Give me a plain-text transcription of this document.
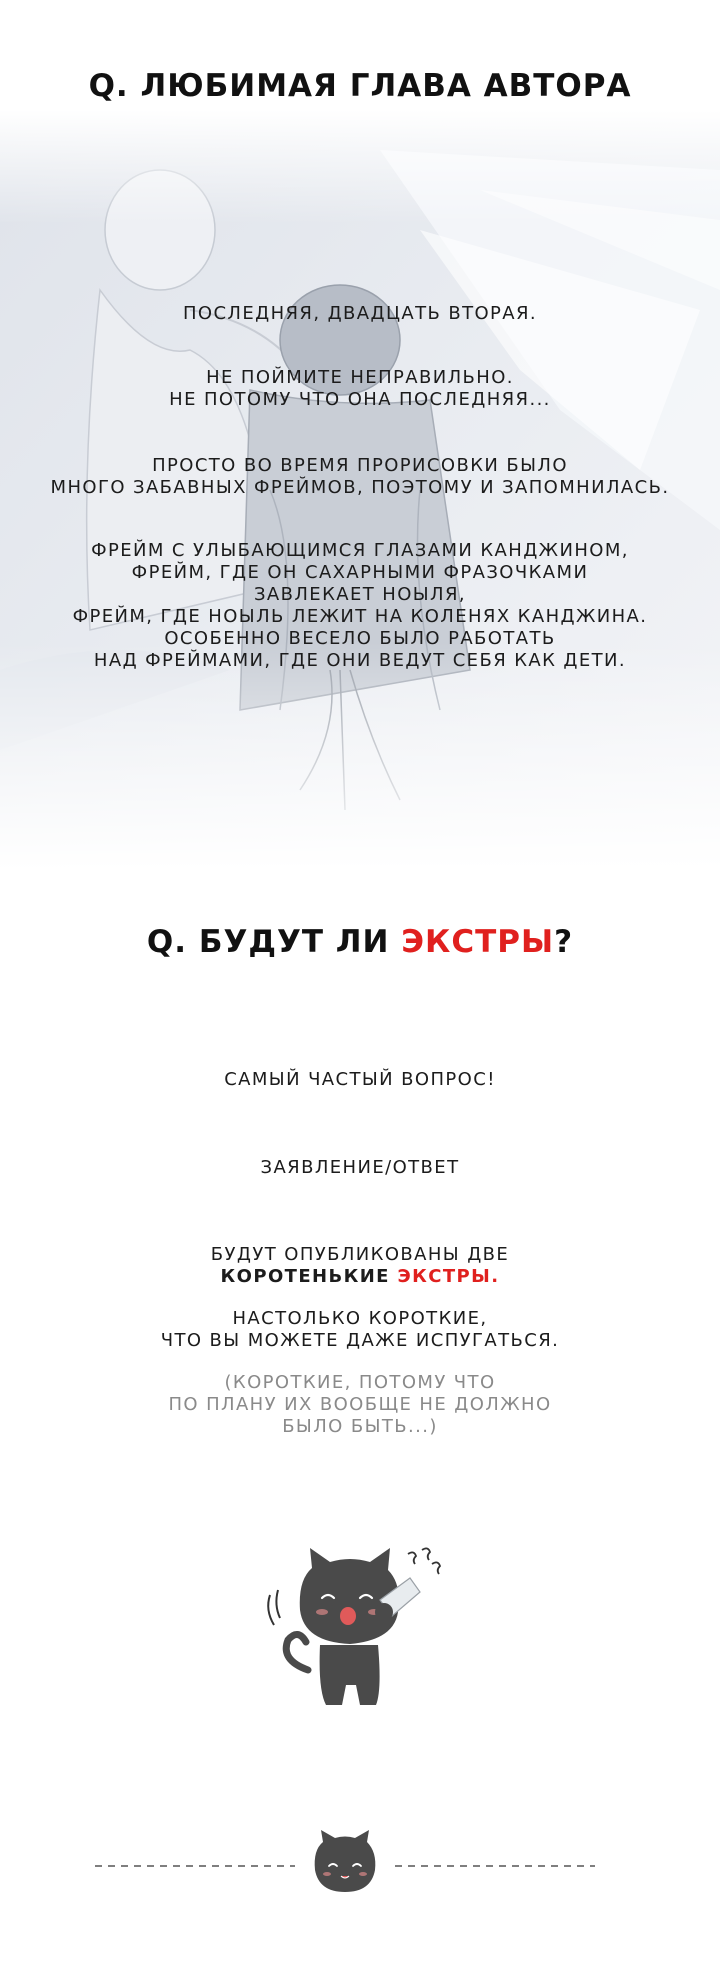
Q. ЛЮБИМАЯ ГЛАВА АВТОРА
ПОСЛЕДНЯЯ, ДВАДЦАТЬ ВТОРАЯ.
НЕ ПОЙМИТЕ НЕПРАВИЛЬНО.
НЕ ПОТОМУ ЧТО ОНА ПОСЛЕДНЯЯ...
ПРОСТО ВО ВРЕМЯ ПРОРИСОВКИ БЫЛО
МНОГО ЗАБАВНЫХ ФРЕЙМОВ, ПОЭТОМУ И ЗАПОМНИЛАСЬ.
ФРЕЙМ С УЛЫБАЮЩИМСЯ ГЛАЗАМИ КАНДЖИНОМ,
ФРЕЙМ, ГДЕ ОН САХАРНЫМИ ФРАЗОЧКАМИ
ЗАВЛЕКАЕТ НОЫЛЯ,
ФРЕЙМ, ГДЕ НОЫЛЬ ЛЕЖИТ НА КОЛЕНЯХ КАНДЖИНА.
ОСОБЕННО ВЕСЕЛО БЫЛО РАБОТАТЬ
НАД ФРЕЙМАМИ, ГДЕ ОНИ ВЕДУТ СЕБЯ КАК ДЕТИ.
Q. БУДУТ ЛИ ЭКСТРЫ?
САМЫЙ ЧАСТЫЙ ВОПРОС!
ЗАЯВЛЕНИЕ/ОТВЕТ
БУДУТ ОПУБЛИКОВАНЫ ДВЕ
КОРОТЕНЬКИЕ ЭКСТРЫ.
НАСТОЛЬКО КОРОТКИЕ,
ЧТО ВЫ МОЖЕТЕ ДАЖЕ ИСПУГАТЬСЯ.
(КОРОТКИЕ, ПОТОМУ ЧТО
ПО ПЛАНУ ИХ ВООБЩЕ НЕ ДОЛЖНО
БЫЛО БЫТЬ...)
